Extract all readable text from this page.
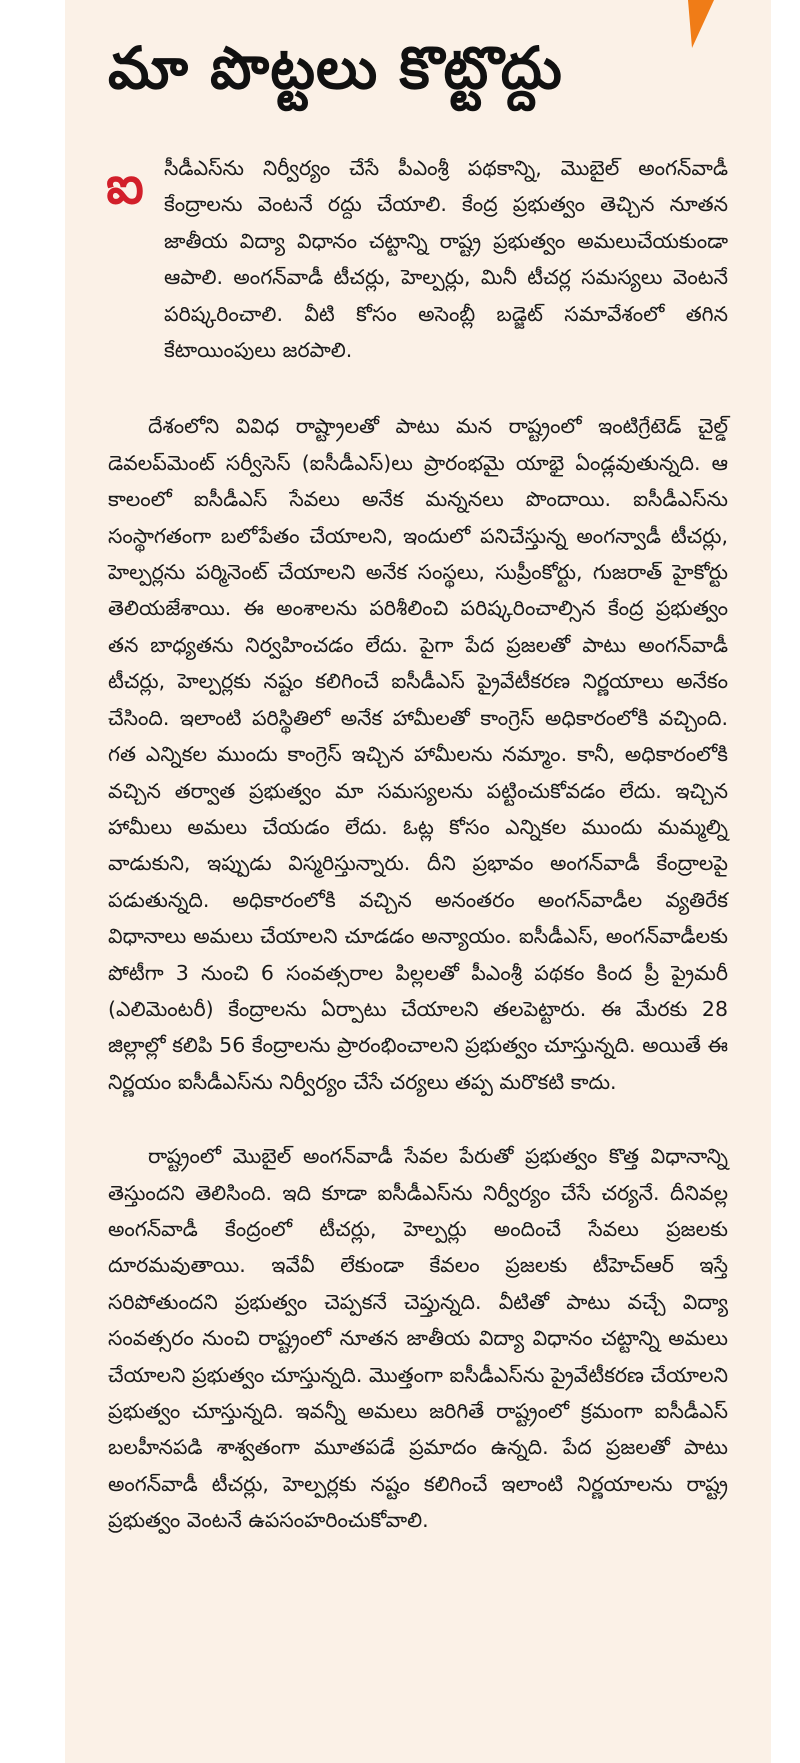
మా పొట్టలు కొట్టొద్దు
ఐ సీడీఎస్‌ను నిర్వీర్యం చేసే పీఎంశ్రీ పథకాన్ని, మొబైల్ అంగన్‌వాడీ కేంద్రాలను వెంటనే రద్దు చేయాలి. కేంద్ర ప్రభుత్వం తెచ్చిన నూతన జాతీయ విద్యా విధానం చట్టాన్ని రాష్ట్ర ప్రభుత్వం అమలుచేయకుండా ఆపాలి. అంగన్‌వాడీ టీచర్లు, హెల్పర్లు, మినీ టీచర్ల సమస్యలు వెంటనే పరిష్కరించాలి. వీటి కోసం అసెంబ్లీ బడ్జెట్ సమావేశంలో తగిన కేటాయింపులు జరపాలి.

దేశంలోని వివిధ రాష్ట్రాలతో పాటు మన రాష్ట్రంలో ఇంటిగ్రేటెడ్ చైల్డ్ డెవలప్‌మెంట్ సర్వీసెస్ (ఐసీడీఎస్)లు ప్రారంభమై యాభై ఏండ్లవుతున్నది. ఆ కాలంలో ఐసీడీఎస్ సేవలు అనేక మన్ననలు పొందాయి. ఐసీడీఎస్‌ను సంస్థాగతంగా బలోపేతం చేయాలని, ఇందులో పనిచేస్తున్న అంగన్వాడీ టీచర్లు, హెల్పర్లను పర్మినెంట్ చేయాలని అనేక సంస్థలు, సుప్రీంకోర్టు, గుజరాత్ హైకోర్టు తెలియజేశాయి. ఈ అంశాలను పరిశీలించి పరిష్కరించాల్సిన కేంద్ర ప్రభుత్వం తన బాధ్యతను నిర్వహించడం లేదు. పైగా పేద ప్రజలతో పాటు అంగన్‌వాడీ టీచర్లు, హెల్పర్లకు నష్టం కలిగించే ఐసీడీఎస్ ప్రైవేటీకరణ నిర్ణయాలు అనేకం చేసింది. ఇలాంటి పరిస్థితిలో అనేక హామీలతో కాంగ్రెస్ అధికారంలోకి వచ్చింది. గత ఎన్నికల ముందు కాంగ్రెస్ ఇచ్చిన హామీలను నమ్మాం. కానీ, అధికారంలోకి వచ్చిన తర్వాత ప్రభుత్వం మా సమస్యలను పట్టించుకోవడం లేదు. ఇచ్చిన హామీలు అమలు చేయడం లేదు. ఓట్ల కోసం ఎన్నికల ముందు మమ్మల్ని వాడుకుని, ఇప్పుడు విస్మరిస్తున్నారు. దీని ప్రభావం అంగన్‌వాడీ కేంద్రాలపై పడుతున్నది. అధికారంలోకి వచ్చిన అనంతరం అంగన్‌వాడీల వ్యతిరేక విధానాలు అమలు చేయాలని చూడడం అన్యాయం. ఐసీడీఎస్, అంగన్‌వాడీలకు పోటీగా 3 నుంచి 6 సంవత్సరాల పిల్లలతో పీఎంశ్రీ పథకం కింద ప్రీ ప్రైమరీ (ఎలిమెంటరీ) కేంద్రాలను ఏర్పాటు చేయాలని తలపెట్టారు. ఈ మేరకు 28 జిల్లాల్లో కలిపి 56 కేంద్రాలను ప్రారంభించాలని ప్రభుత్వం చూస్తున్నది. అయితే ఈ నిర్ణయం ఐసీడీఎస్‌ను నిర్వీర్యం చేసే చర్యలు తప్ప మరొకటి కాదు.

రాష్ట్రంలో మొబైల్ అంగన్‌వాడీ సేవల పేరుతో ప్రభుత్వం కొత్త విధానాన్ని తెస్తుందని తెలిసింది. ఇది కూడా ఐసీడీఎస్‌ను నిర్వీర్యం చేసే చర్యనే. దీనివల్ల అంగన్‌వాడీ కేంద్రంలో టీచర్లు, హెల్పర్లు అందించే సేవలు ప్రజలకు దూరమవుతాయి. ఇవేవీ లేకుండా కేవలం ప్రజలకు టీహెచ్ఆర్ ఇస్తే సరిపోతుందని ప్రభుత్వం చెప్పకనే చెప్తున్నది. వీటితో పాటు వచ్చే విద్యా సంవత్సరం నుంచి రాష్ట్రంలో నూతన జాతీయ విద్యా విధానం చట్టాన్ని అమలు చేయాలని ప్రభుత్వం చూస్తున్నది. మొత్తంగా ఐసీడీఎస్‌ను ప్రైవేటీకరణ చేయాలని ప్రభుత్వం చూస్తున్నది. ఇవన్నీ అమలు జరిగితే రాష్ట్రంలో క్రమంగా ఐసీడీఎస్ బలహీనపడి శాశ్వతంగా మూతపడే ప్రమాదం ఉన్నది. పేద ప్రజలతో పాటు అంగన్‌వాడీ టీచర్లు, హెల్పర్లకు నష్టం కలిగించే ఇలాంటి నిర్ణయాలను రాష్ట్ర ప్రభుత్వం వెంటనే ఉపసంహరించుకోవాలి.
